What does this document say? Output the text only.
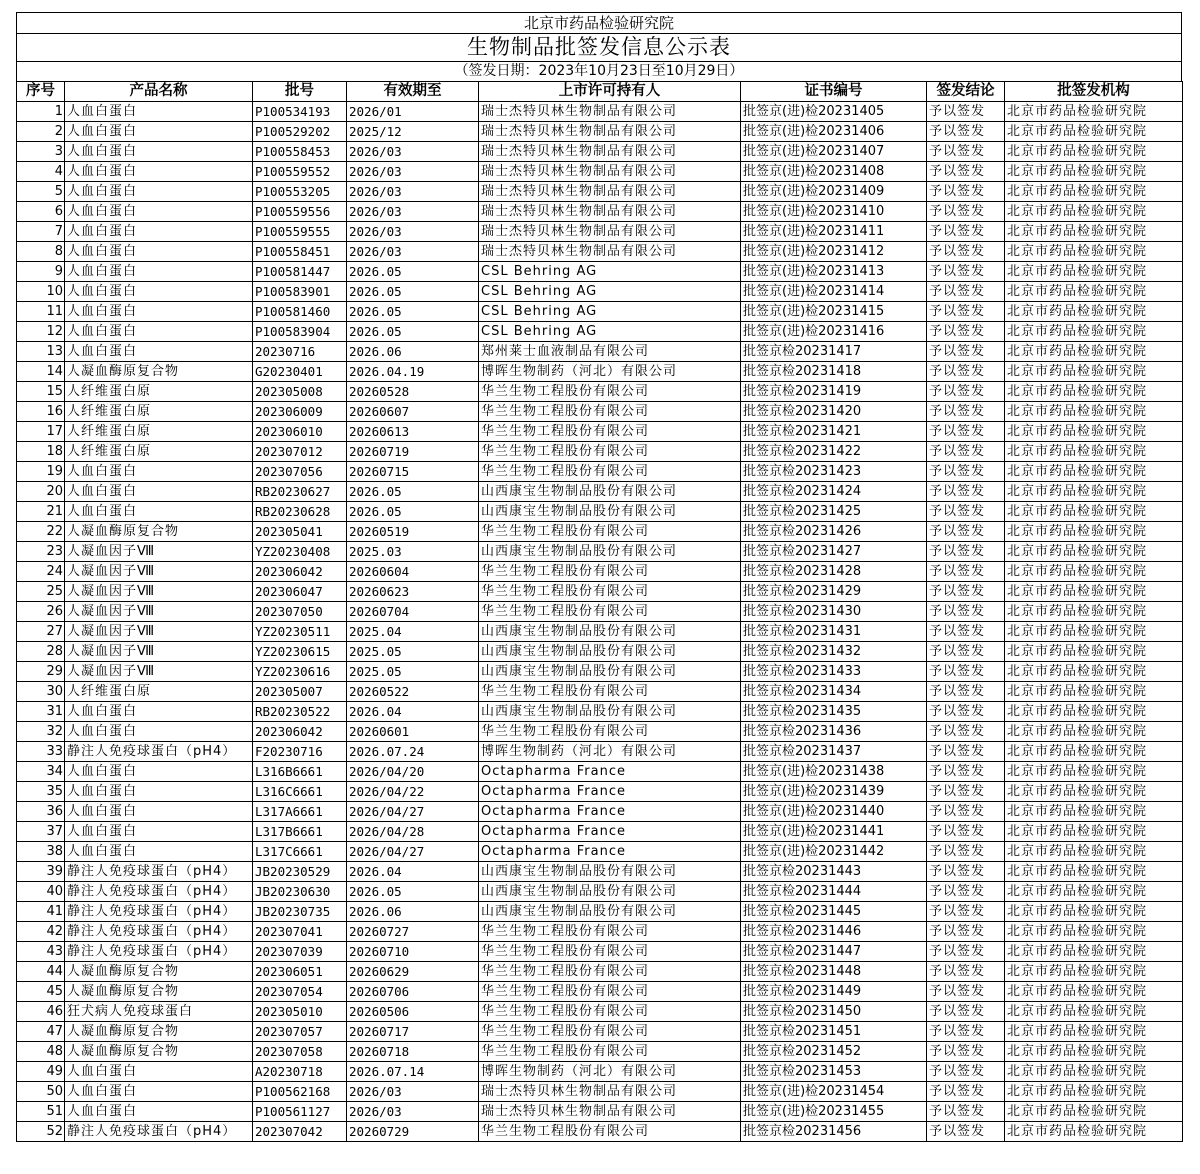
北京市药品检验研究院
生物制品批签发信息公示表
（签发日期：2023年10月23日至10月29日）
序号	产品名称	批号	有效期至	上市许可持有人	证书编号	签发结论	批签发机构
1	人血白蛋白	P100534193	2026/01	瑞士杰特贝林生物制品有限公司	批签京(进)检20231405	予以签发	北京市药品检验研究院
2	人血白蛋白	P100529202	2025/12	瑞士杰特贝林生物制品有限公司	批签京(进)检20231406	予以签发	北京市药品检验研究院
3	人血白蛋白	P100558453	2026/03	瑞士杰特贝林生物制品有限公司	批签京(进)检20231407	予以签发	北京市药品检验研究院
4	人血白蛋白	P100559552	2026/03	瑞士杰特贝林生物制品有限公司	批签京(进)检20231408	予以签发	北京市药品检验研究院
5	人血白蛋白	P100553205	2026/03	瑞士杰特贝林生物制品有限公司	批签京(进)检20231409	予以签发	北京市药品检验研究院
6	人血白蛋白	P100559556	2026/03	瑞士杰特贝林生物制品有限公司	批签京(进)检20231410	予以签发	北京市药品检验研究院
7	人血白蛋白	P100559555	2026/03	瑞士杰特贝林生物制品有限公司	批签京(进)检20231411	予以签发	北京市药品检验研究院
8	人血白蛋白	P100558451	2026/03	瑞士杰特贝林生物制品有限公司	批签京(进)检20231412	予以签发	北京市药品检验研究院
9	人血白蛋白	P100581447	2026.05	CSL Behring AG	批签京(进)检20231413	予以签发	北京市药品检验研究院
10	人血白蛋白	P100583901	2026.05	CSL Behring AG	批签京(进)检20231414	予以签发	北京市药品检验研究院
11	人血白蛋白	P100581460	2026.05	CSL Behring AG	批签京(进)检20231415	予以签发	北京市药品检验研究院
12	人血白蛋白	P100583904	2026.05	CSL Behring AG	批签京(进)检20231416	予以签发	北京市药品检验研究院
13	人血白蛋白	20230716	2026.06	郑州莱士血液制品有限公司	批签京检20231417	予以签发	北京市药品检验研究院
14	人凝血酶原复合物	G20230401	2026.04.19	博晖生物制药（河北）有限公司	批签京检20231418	予以签发	北京市药品检验研究院
15	人纤维蛋白原	202305008	20260528	华兰生物工程股份有限公司	批签京检20231419	予以签发	北京市药品检验研究院
16	人纤维蛋白原	202306009	20260607	华兰生物工程股份有限公司	批签京检20231420	予以签发	北京市药品检验研究院
17	人纤维蛋白原	202306010	20260613	华兰生物工程股份有限公司	批签京检20231421	予以签发	北京市药品检验研究院
18	人纤维蛋白原	202307012	20260719	华兰生物工程股份有限公司	批签京检20231422	予以签发	北京市药品检验研究院
19	人血白蛋白	202307056	20260715	华兰生物工程股份有限公司	批签京检20231423	予以签发	北京市药品检验研究院
20	人血白蛋白	RB20230627	2026.05	山西康宝生物制品股份有限公司	批签京检20231424	予以签发	北京市药品检验研究院
21	人血白蛋白	RB20230628	2026.05	山西康宝生物制品股份有限公司	批签京检20231425	予以签发	北京市药品检验研究院
22	人凝血酶原复合物	202305041	20260519	华兰生物工程股份有限公司	批签京检20231426	予以签发	北京市药品检验研究院
23	人凝血因子Ⅷ	YZ20230408	2025.03	山西康宝生物制品股份有限公司	批签京检20231427	予以签发	北京市药品检验研究院
24	人凝血因子Ⅷ	202306042	20260604	华兰生物工程股份有限公司	批签京检20231428	予以签发	北京市药品检验研究院
25	人凝血因子Ⅷ	202306047	20260623	华兰生物工程股份有限公司	批签京检20231429	予以签发	北京市药品检验研究院
26	人凝血因子Ⅷ	202307050	20260704	华兰生物工程股份有限公司	批签京检20231430	予以签发	北京市药品检验研究院
27	人凝血因子Ⅷ	YZ20230511	2025.04	山西康宝生物制品股份有限公司	批签京检20231431	予以签发	北京市药品检验研究院
28	人凝血因子Ⅷ	YZ20230615	2025.05	山西康宝生物制品股份有限公司	批签京检20231432	予以签发	北京市药品检验研究院
29	人凝血因子Ⅷ	YZ20230616	2025.05	山西康宝生物制品股份有限公司	批签京检20231433	予以签发	北京市药品检验研究院
30	人纤维蛋白原	202305007	20260522	华兰生物工程股份有限公司	批签京检20231434	予以签发	北京市药品检验研究院
31	人血白蛋白	RB20230522	2026.04	山西康宝生物制品股份有限公司	批签京检20231435	予以签发	北京市药品检验研究院
32	人血白蛋白	202306042	20260601	华兰生物工程股份有限公司	批签京检20231436	予以签发	北京市药品检验研究院
33	静注人免疫球蛋白（pH4）	F20230716	2026.07.24	博晖生物制药（河北）有限公司	批签京检20231437	予以签发	北京市药品检验研究院
34	人血白蛋白	L316B6661	2026/04/20	Octapharma France	批签京(进)检20231438	予以签发	北京市药品检验研究院
35	人血白蛋白	L316C6661	2026/04/22	Octapharma France	批签京(进)检20231439	予以签发	北京市药品检验研究院
36	人血白蛋白	L317A6661	2026/04/27	Octapharma France	批签京(进)检20231440	予以签发	北京市药品检验研究院
37	人血白蛋白	L317B6661	2026/04/28	Octapharma France	批签京(进)检20231441	予以签发	北京市药品检验研究院
38	人血白蛋白	L317C6661	2026/04/27	Octapharma France	批签京(进)检20231442	予以签发	北京市药品检验研究院
39	静注人免疫球蛋白（pH4）	JB20230529	2026.04	山西康宝生物制品股份有限公司	批签京检20231443	予以签发	北京市药品检验研究院
40	静注人免疫球蛋白（pH4）	JB20230630	2026.05	山西康宝生物制品股份有限公司	批签京检20231444	予以签发	北京市药品检验研究院
41	静注人免疫球蛋白（pH4）	JB20230735	2026.06	山西康宝生物制品股份有限公司	批签京检20231445	予以签发	北京市药品检验研究院
42	静注人免疫球蛋白（pH4）	202307041	20260727	华兰生物工程股份有限公司	批签京检20231446	予以签发	北京市药品检验研究院
43	静注人免疫球蛋白（pH4）	202307039	20260710	华兰生物工程股份有限公司	批签京检20231447	予以签发	北京市药品检验研究院
44	人凝血酶原复合物	202306051	20260629	华兰生物工程股份有限公司	批签京检20231448	予以签发	北京市药品检验研究院
45	人凝血酶原复合物	202307054	20260706	华兰生物工程股份有限公司	批签京检20231449	予以签发	北京市药品检验研究院
46	狂犬病人免疫球蛋白	202305010	20260506	华兰生物工程股份有限公司	批签京检20231450	予以签发	北京市药品检验研究院
47	人凝血酶原复合物	202307057	20260717	华兰生物工程股份有限公司	批签京检20231451	予以签发	北京市药品检验研究院
48	人凝血酶原复合物	202307058	20260718	华兰生物工程股份有限公司	批签京检20231452	予以签发	北京市药品检验研究院
49	人血白蛋白	A20230718	2026.07.14	博晖生物制药（河北）有限公司	批签京检20231453	予以签发	北京市药品检验研究院
50	人血白蛋白	P100562168	2026/03	瑞士杰特贝林生物制品有限公司	批签京(进)检20231454	予以签发	北京市药品检验研究院
51	人血白蛋白	P100561127	2026/03	瑞士杰特贝林生物制品有限公司	批签京(进)检20231455	予以签发	北京市药品检验研究院
52	静注人免疫球蛋白（pH4）	202307042	20260729	华兰生物工程股份有限公司	批签京检20231456	予以签发	北京市药品检验研究院
